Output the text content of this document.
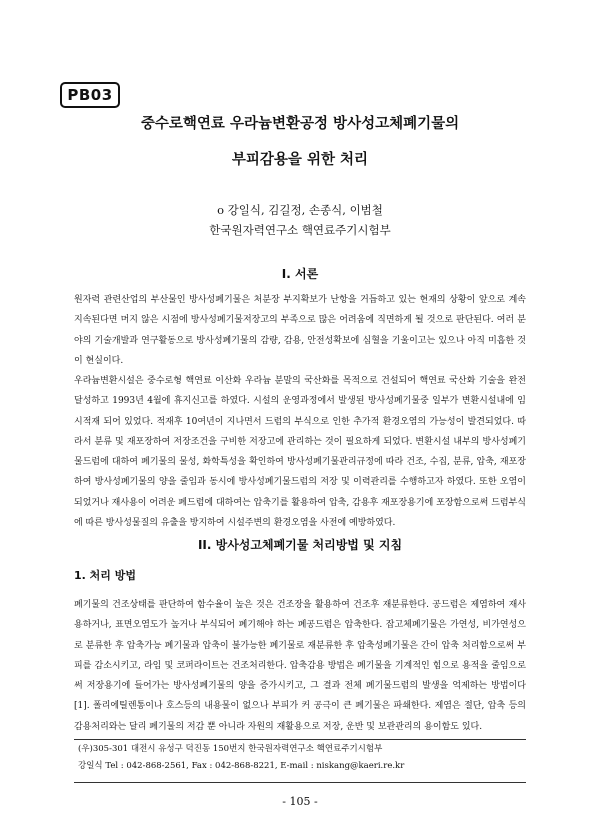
PB03
중수로핵연료 우라늄변환공정 방사성고체폐기물의
부피감용을 위한 처리
o 강일식, 김길정, 손종식, 이범철
한국원자력연구소 핵연료주기시험부
I. 서론

원자력 관련산업의 부산물인 방사성폐기물은 처분장 부지확보가 난항을 거듭하고 있는 현재의 상황이 앞으로 계속 지속된다면 머지 않은 시점에 방사성폐기물저장고의 부족으로 많은 어려움에 직면하게 될 것으로 판단된다. 여러 분야의 기술개발과 연구활동으로 방사성폐기물의 감량, 감용, 안전성확보에 심혈을 기울이고는 있으나 아직 미흡한 것이 현실이다.

우라늄변환시설은 중수로형 핵연료 이산화 우라늄 분말의 국산화를 목적으로 건설되어 핵연료 국산화 기술을 완전 달성하고 1993년 4월에 휴지신고를 하였다. 시설의 운영과정에서 발생된 방사성폐기물중 일부가 변환시설내에 임시적재 되어 있었다. 적재후 10여년이 지나면서 드럼의 부식으로 인한 추가적 환경오염의 가능성이 발견되었다. 따라서 분류 및 재포장하여 저장조건을 구비한 저장고에 관리하는 것이 필요하게 되었다. 변환시설 내부의 방사성폐기물드럼에 대하여 폐기물의 물성, 화학특성을 확인하여 방사성폐기물관리규정에 따라 건조, 수집, 분류, 압축, 재포장하여 방사성폐기물의 양을 줄임과 동시에 방사성폐기물드럼의 저장 및 이력관리를 수행하고자 하였다. 또한 오염이 되었거나 재사용이 어려운 폐드럼에 대하여는 압축기를 활용하여 압축, 감용후 재포장용기에 포장함으로써 드럼부식에 따른 방사성물질의 유출을 방지하여 시설주변의 환경오염을 사전에 예방하였다.

II. 방사성고체폐기물 처리방법 및 지침
1. 처리 방법

폐기물의 건조상태를 판단하여 함수율이 높은 것은 건조장을 활용하여 건조후 재분류한다. 공드럼은 제염하여 재사용하거나, 표면오염도가 높거나 부식되어 폐기해야 하는 폐공드럼은 압축한다. 잡고체폐기물은 가연성, 비가연성으로 분류한 후 압축가능 폐기물과 압축이 불가능한 폐기물로 재분류한 후 압축성폐기물은 간이 압축 처리함으로써 부피를 감소시키고, 라임 및 코퍼라이트는 건조처리한다. 압축감용 방법은 폐기물을 기계적인 힘으로 용적을 줄임으로써 저장용기에 들어가는 방사성폐기물의 양을 증가시키고, 그 결과 전체 폐기물드럼의 발생을 억제하는 방법이다[1]. 폴리에틸렌통이나 호스등의 내용물이 없으나 부피가 커 공극이 큰 폐기물은 파쇄한다. 제염은 절단, 압축 등의 감용처리와는 달리 폐기물의 저감 뿐 아니라 자원의 재활용으로 저장, 운반 및 보관관리의 용이함도 있다.

(우)305-301 대전시 유성구 덕진동 150번지 한국원자력연구소 핵연료주기시험부
강일식 Tel : 042-868-2561, Fax : 042-868-8221, E-mail : niskang@kaeri.re.kr
- 105 -
